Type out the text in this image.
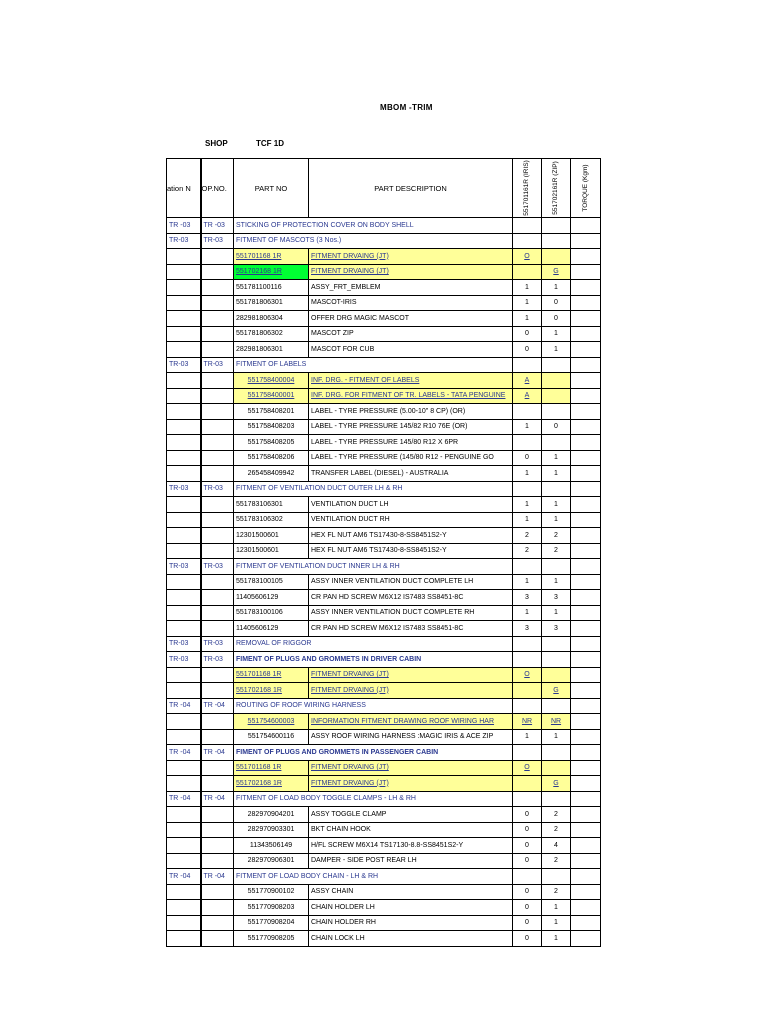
MBOM -TRIM
SHOP	TCF 1D
ation N	OP.NO.	PART NO	PART DESCRIPTION	551701161R (IRIS)	551702161R (ZIP)	TORQUE (Kgm)

TR -03	TR -03	STICKING OF PROTECTION COVER ON BODY SHELL				
TR-03	TR-03	FITMENT OF MASCOTS (3 Nos.)				
		551701168 1R	FITMENT DRVAING (JT)	O		
		551702168 1R	FITMENT DRVAING (JT)		G	
		551781100116	ASSY_FRT_EMBLEM	1	1	
		551781806301	MASCOT-IRIS	1	0	
		282981806304	OFFER DRG MAGIC MASCOT	1	0	
		551781806302	MASCOT ZIP	0	1	
		282981806301	MASCOT FOR CUB	0	1	
TR-03	TR-03	FITMENT OF LABELS				
		551758400004	INF. DRG. - FITMENT OF LABELS	A		
		551758400001	INF. DRG. FOR FITMENT OF TR. LABELS - TATA PENGUINE	A		
		551758408201	LABEL - TYRE PRESSURE (5.00-10" 8 CP) (OR)			
		551758408203	LABEL - TYRE PRESSURE 145/82 R10 76E (OR)	1	0	
		551758408205	LABEL - TYRE PRESSURE 145/80 R12 X 6PR			
		551758408206	LABEL - TYRE PRESSURE (145/80 R12 - PENGUINE GO	0	1	
		265458409942	TRANSFER LABEL (DIESEL) - AUSTRALIA	1	1	
TR-03	TR-03	FITMENT OF VENTILATION DUCT OUTER LH & RH				
		551783106301	VENTILATION DUCT LH	1	1	
		551783106302	VENTILATION DUCT RH	1	1	
		12301500601	HEX FL NUT AM6 TS17430-8-SS8451S2-Y	2	2	
		12301500601	HEX FL NUT AM6 TS17430-8-SS8451S2-Y	2	2	
TR-03	TR-03	FITMENT OF VENTILATION DUCT INNER LH & RH				
		551783100105	ASSY INNER VENTILATION DUCT COMPLETE LH	1	1	
		11405606129	CR PAN HD SCREW M6X12 IS7483 SS8451-8C	3	3	
		551783100106	ASSY INNER VENTILATION DUCT COMPLETE RH	1	1	
		11405606129	CR PAN HD SCREW M6X12 IS7483 SS8451-8C	3	3	
TR-03	TR-03	REMOVAL OF RIGGOR				
TR-03	TR-03	FIMENT OF PLUGS AND GROMMETS IN DRIVER CABIN				
		551701168 1R	FITMENT DRVAING (JT)	O		
		551702168 1R	FITMENT DRVAING (JT)		G	
TR -04	TR -04	ROUTING OF ROOF WIRING HARNESS				
		551754600003	INFORMATION FITMENT DRAWING ROOF WIRING HAR	NR	NR	
		551754600116	ASSY ROOF WIRING HARNESS :MAGIC IRIS & ACE ZIP	1	1	
TR -04	TR -04	FIMENT OF PLUGS AND GROMMETS IN PASSENGER CABIN				
		551701168 1R	FITMENT DRVAING (JT)	O		
		551702168 1R	FITMENT DRVAING (JT)		G	
TR -04	TR -04	FITMENT OF LOAD BODY TOGGLE CLAMPS - LH & RH				
		282970904201	ASSY TOGGLE CLAMP	0	2	
		282970903301	BKT CHAIN HOOK	0	2	
		11343506149	H/FL SCREW M6X14 TS17130-8.8-SS8451S2-Y	0	4	
		282970906301	DAMPER - SIDE POST REAR LH	0	2	
TR -04	TR -04	FITMENT OF LOAD BODY CHAIN - LH & RH				
		551770900102	ASSY CHAIN	0	2	
		551770908203	CHAIN HOLDER LH	0	1	
		551770908204	CHAIN HOLDER RH	0	1	
		551770908205	CHAIN LOCK LH	0	1	
